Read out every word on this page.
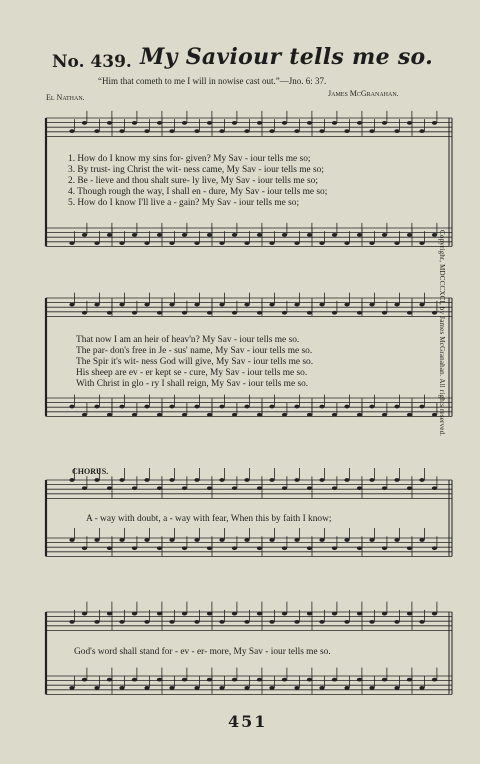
No. 439. My Saviour tells me so.
“Him that cometh to me I will in nowise cast out.”—Jno. 6: 37.
El Nathan.	James McGranahan.
1. How do I know my sins for- given? My Sav - iour tells me so;
3. By trust- ing Christ the wit- ness came, My Sav - iour tells me so;
2. Be - lieve and thou shalt sure- ly live, My Sav - iour tells me so;
4. Though rough the way, I shall en - dure, My Sav - iour tells me so;
5. How do I know I'll live a - gain? My Sav - iour tells me so;
That now I am an heir of heav'n? My Sav - iour tells me so.
The par- don's free in Je - sus' name, My Sav - iour tells me so.
The Spir it's wit- ness God will give, My Sav - iour tells me so.
His sheep are ev - er kept se - cure, My Sav - iour tells me so.
With Christ in glo - ry I shall reign, My Sav - iour tells me so.
CHORUS.
A - way with doubt, a - way with fear, When this by faith I know;
God's word shall stand for - ev - er- more, My Sav - iour tells me so.
Copyright, MDCCCXCI, by James McGranahan. All rights reserved.
451
